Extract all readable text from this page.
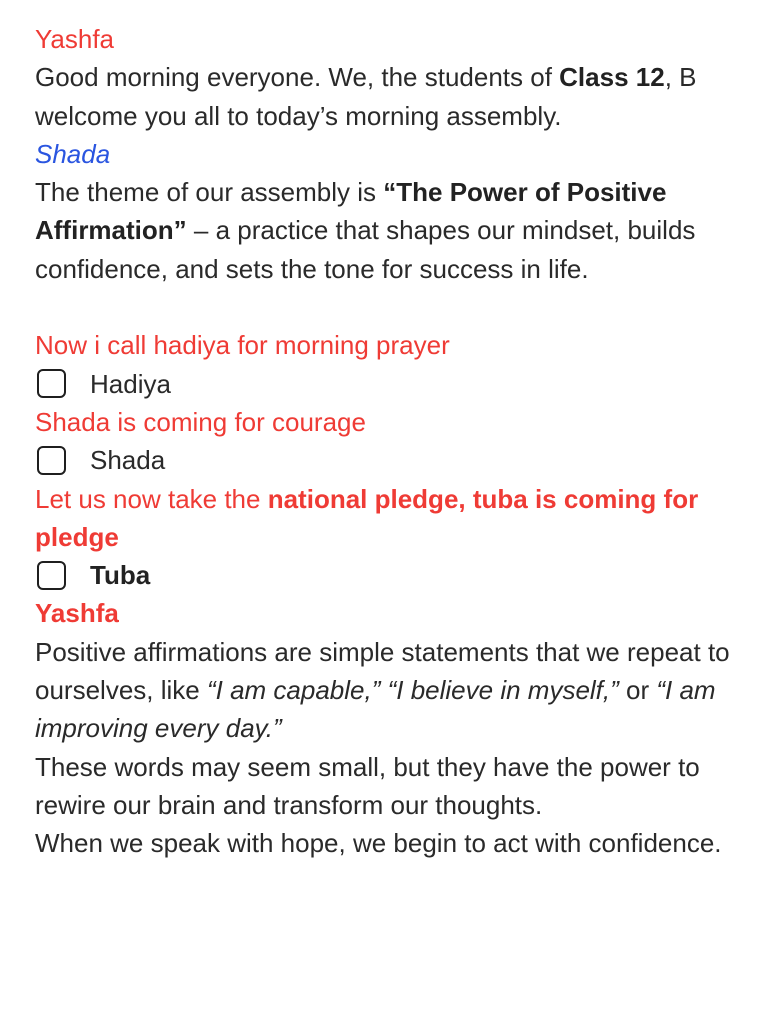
Yashfa

Good morning everyone. We, the students of Class 12, B welcome you all to today’s morning assembly.

Shada

The theme of our assembly is “The Power of Positive Affirmation” – a practice that shapes our mindset, builds confidence, and sets the tone for success in life.

Now i call hadiya for morning prayer

Hadiya

Shada is coming for courage

Shada

Let us now take the national pledge, tuba is coming for pledge

Tuba

Yashfa

Positive affirmations are simple statements that we repeat to ourselves, like “I am capable,” “I believe in myself,” or “I am improving every day.”

These words may seem small, but they have the power to rewire our brain and transform our thoughts.

When we speak with hope, we begin to act with confidence.
